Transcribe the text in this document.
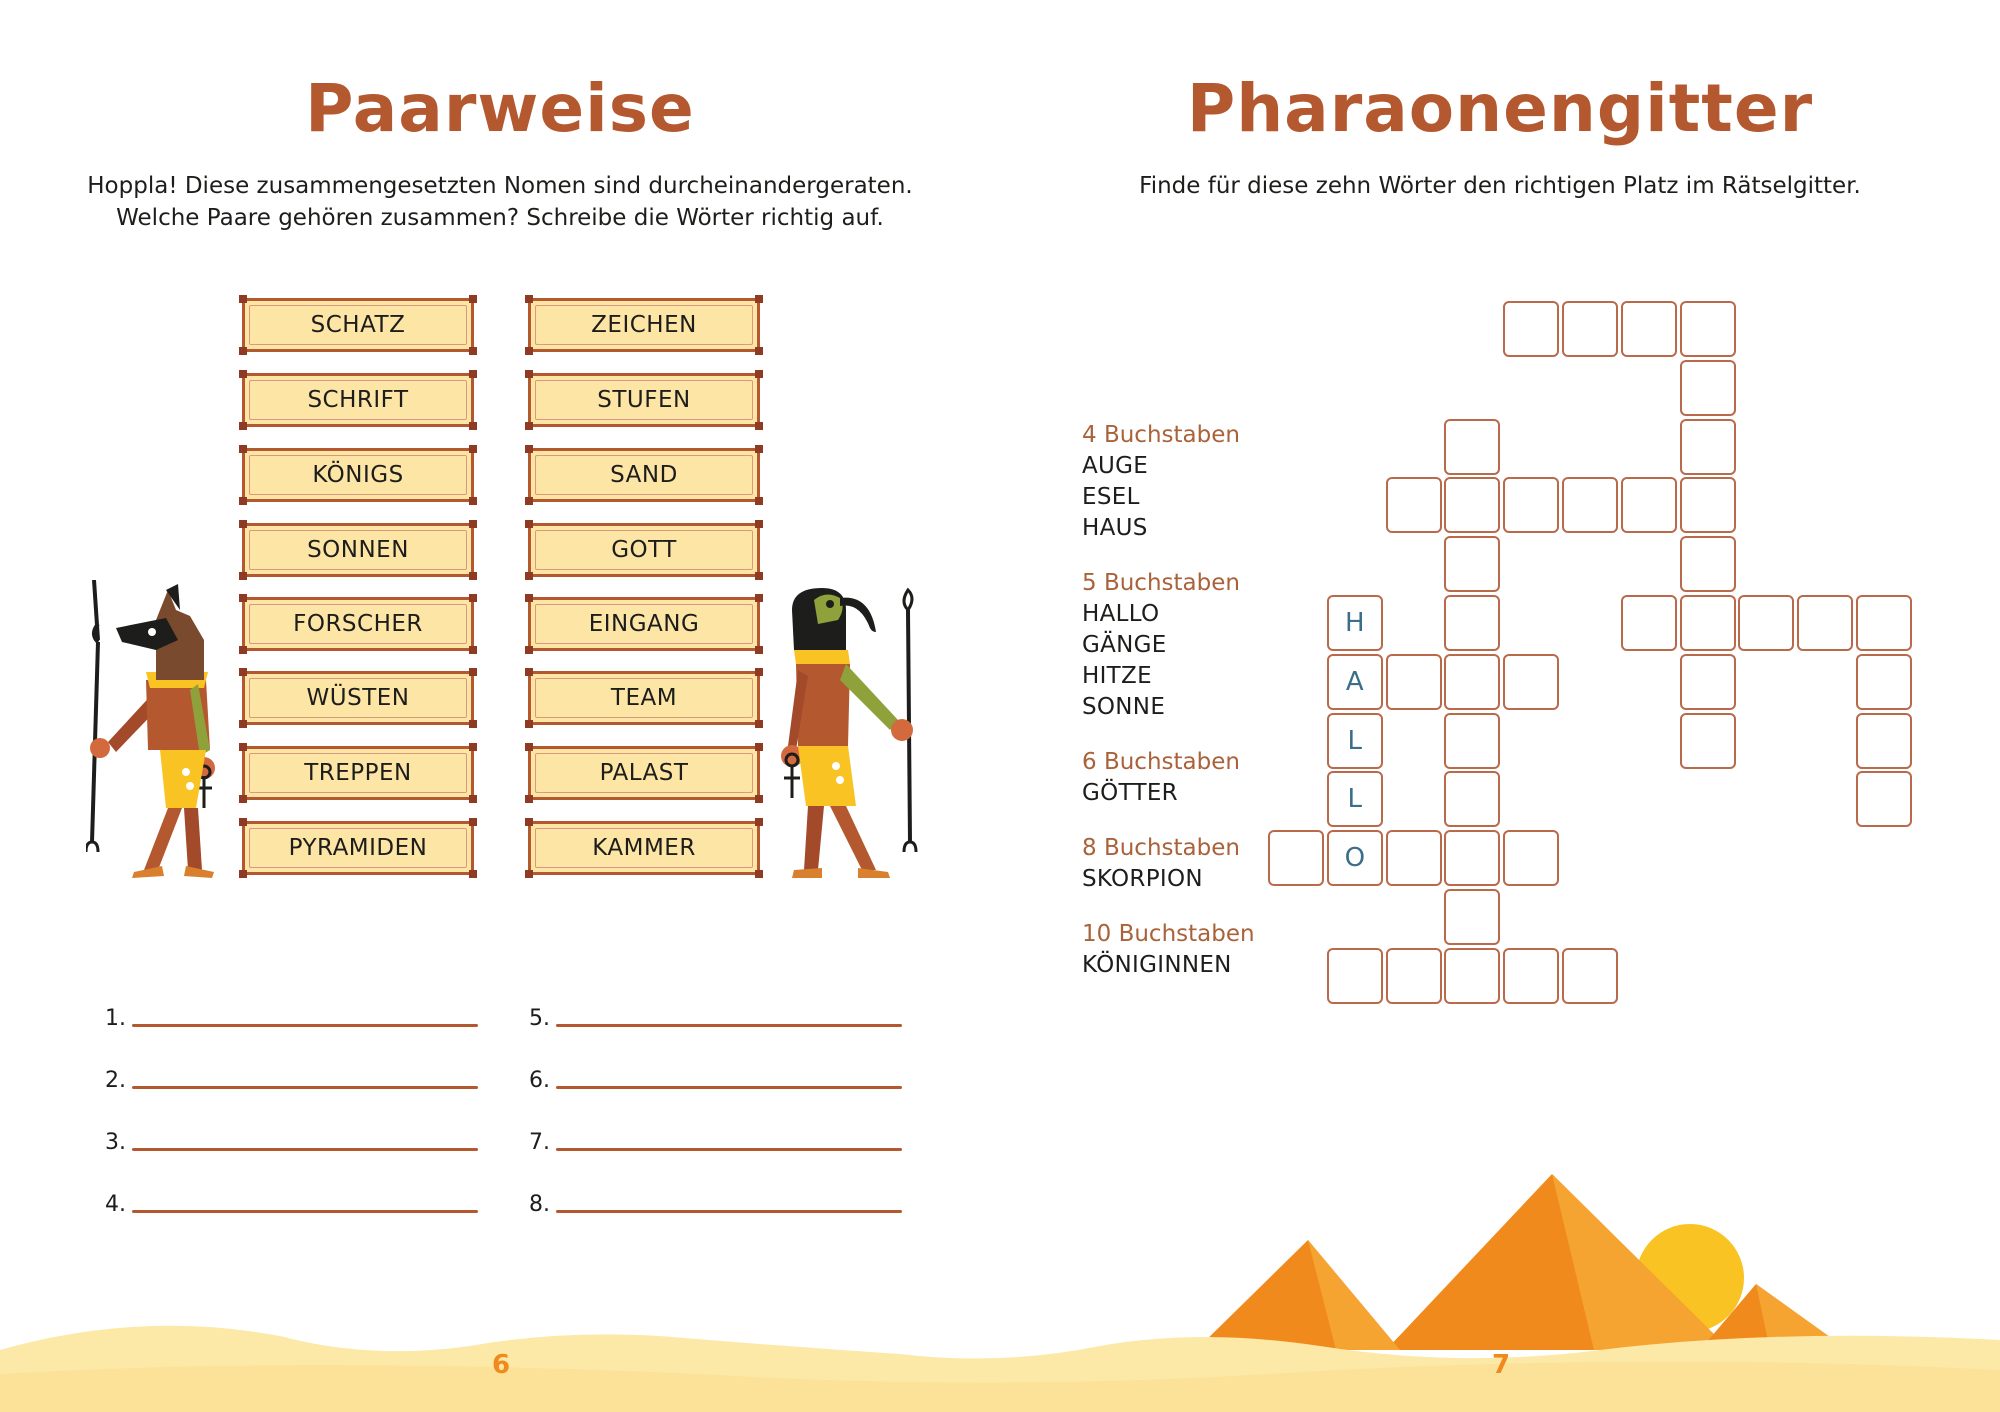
Paarweise
Hoppla! Diese zusammengesetzten Nomen sind durcheinandergeraten.
Welche Paare gehören zusammen? Schreibe die Wörter richtig auf.
SCHATZ
SCHRIFT
KÖNIGS
SONNEN
FORSCHER
WÜSTEN
TREPPEN
PYRAMIDEN
ZEICHEN
STUFEN
SAND
GOTT
EINGANG
TEAM
PALAST
KAMMER
1.
2.
3.
4.
5.
6.
7.
8.
Pharaonengitter
Finde für diese zehn Wörter den richtigen Platz im Rätselgitter.
4 Buchstaben
AUGE
ESEL
HAUS
5 Buchstaben
HALLO
GÄNGE
HITZE
SONNE
6 Buchstaben
GÖTTER
8 Buchstaben
SKORPION
10 Buchstaben
KÖNIGINNEN
H
A
L
L
O
6	7
